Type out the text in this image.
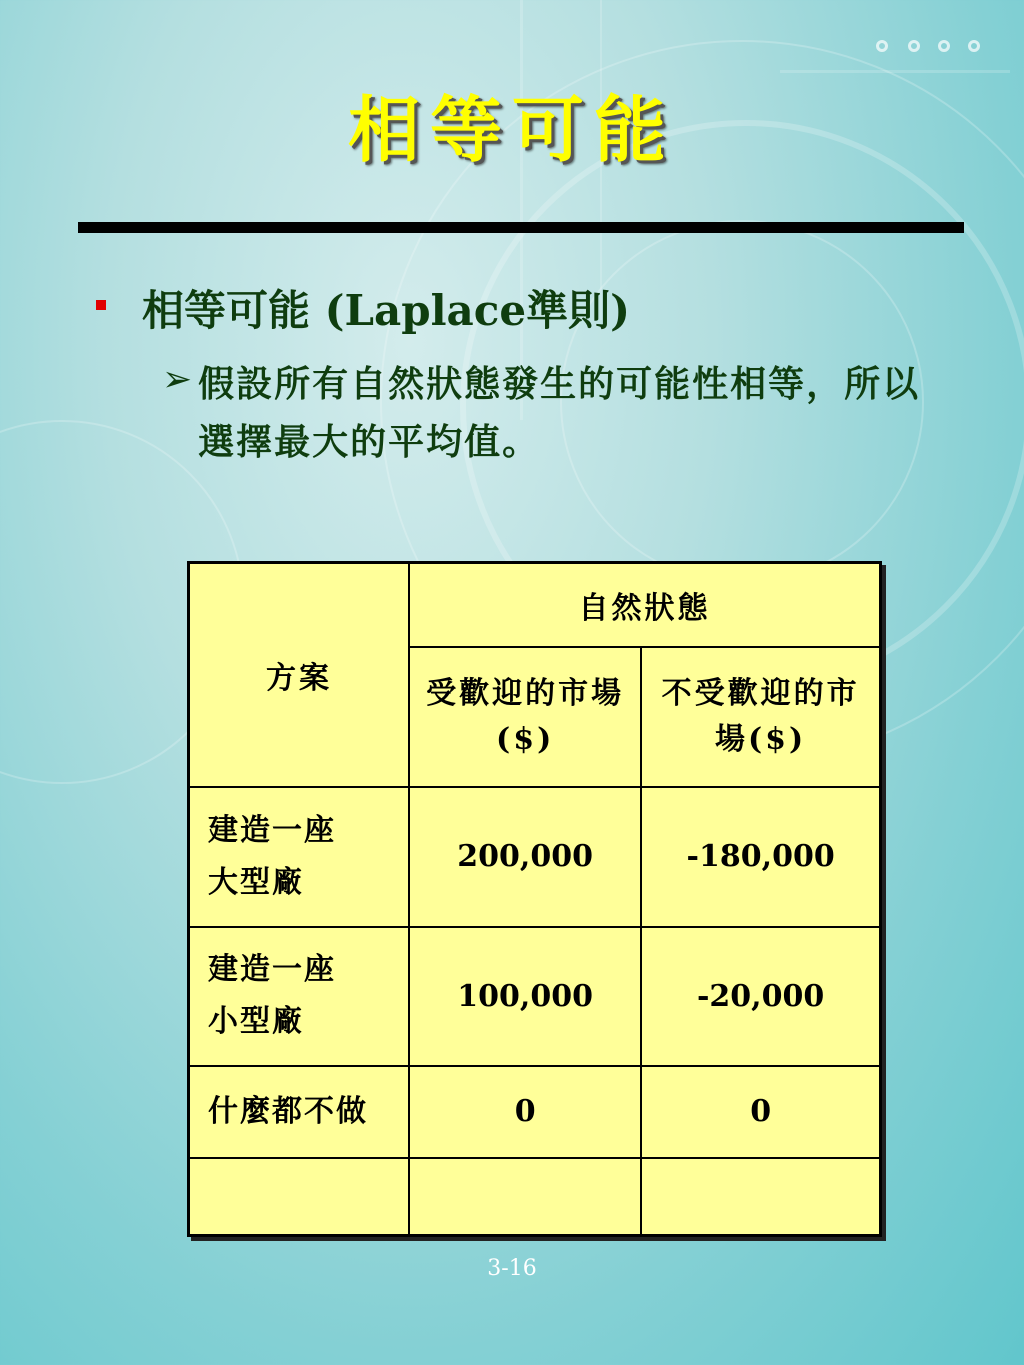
相等可能
相等可能 (Laplace準則)
➢ 假設所有自然狀態發生的可能性相等，所以選擇最大的平均值。
方案	自然狀態	
	受歡迎的市場 ($)	不受歡迎的市場($)

建造一座
大型廠	200,000	-180,000

建造一座
小型廠	100,000	-20,000

什麼都不做	0	0

3-16
